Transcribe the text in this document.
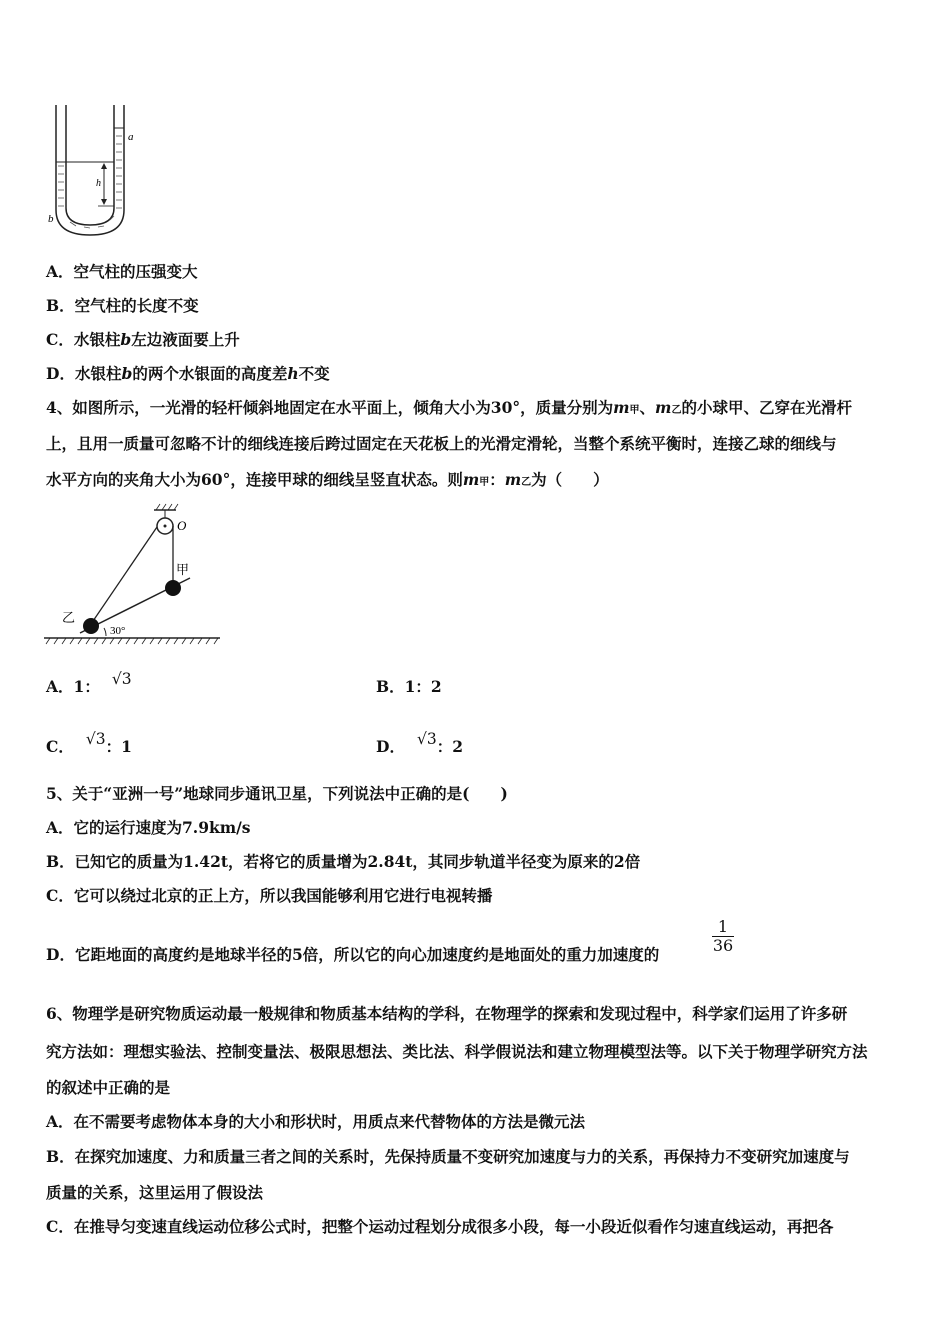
h
a
b
A．空气柱的压强变大
B．空气柱的长度不变
C．水银柱b左边液面要上升
D．水银柱b的两个水银面的高度差h不变
4、如图所示，一光滑的轻杆倾斜地固定在水平面上，倾角大小为30°，质量分别为m甲、m乙的小球甲、乙穿在光滑杆
上，且用一质量可忽略不计的细线连接后跨过固定在天花板上的光滑定滑轮，当整个系统平衡时，连接乙球的细线与
水平方向的夹角大小为60°，连接甲球的细线呈竖直状态。则m甲：m乙为（　　）
O
甲
乙
30°
A．1： √3	B．1：2
C． √3：1	D． √3：2
5、关于“亚洲一号”地球同步通讯卫星，下列说法中正确的是(　　)
A．它的运行速度为7.9km/s
B．已知它的质量为1.42t，若将它的质量增为2.84t，其同步轨道半径变为原来的2倍
C．它可以绕过北京的正上方，所以我国能够利用它进行电视转播
D．它距地面的高度约是地球半径的5倍，所以它的向心加速度约是地面处的重力加速度的	$\frac{1}{36}$
6、物理学是研究物质运动最一般规律和物质基本结构的学科，在物理学的探索和发现过程中，科学家们运用了许多研
究方法如：理想实验法、控制变量法、极限思想法、类比法、科学假说法和建立物理模型法等。以下关于物理学研究方法
的叙述中正确的是
A．在不需要考虑物体本身的大小和形状时，用质点来代替物体的方法是微元法
B．在探究加速度、力和质量三者之间的关系时，先保持质量不变研究加速度与力的关系，再保持力不变研究加速度与
质量的关系，这里运用了假设法
C．在推导匀变速直线运动位移公式时，把整个运动过程划分成很多小段，每一小段近似看作匀速直线运动，再把各
